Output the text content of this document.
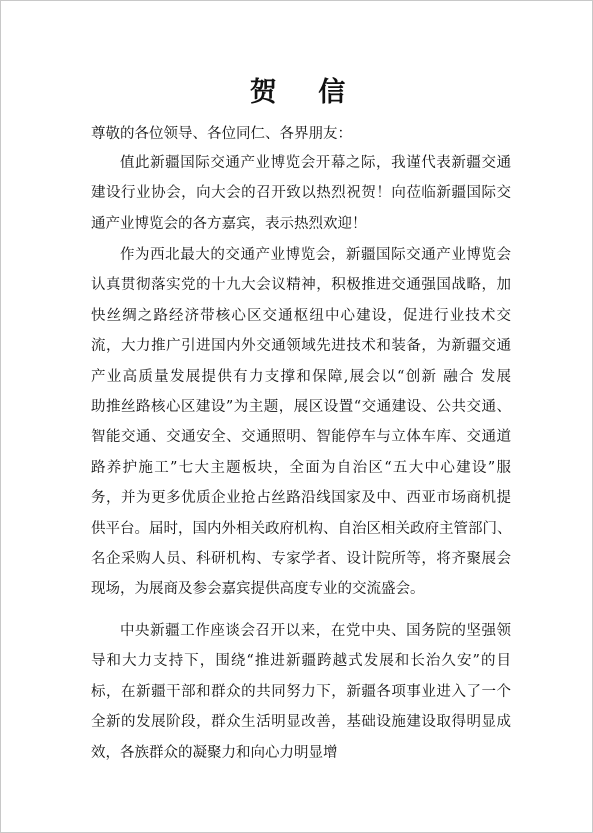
贺 信
尊敬的各位领导、各位同仁、各界朋友：
值此新疆国际交通产业博览会开幕之际，我谨代表新疆交通
建设行业协会，向大会的召开致以热烈祝贺！向莅临新疆国际交
通产业博览会的各方嘉宾，表示热烈欢迎！
作为西北最大的交通产业博览会，新疆国际交通产业博览会
认真贯彻落实党的十九大会议精神，积极推进交通强国战略，加
快丝绸之路经济带核心区交通枢纽中心建设，促进行业技术交
流，大力推广引进国内外交通领域先进技术和装备，为新疆交通
产业高质量发展提供有力支撑和保障,展会以“创新 融合 发展
助推丝路核心区建设”为主题，展区设置“交通建设、公共交通、
智能交通、交通安全、交通照明、智能停车与立体车库、交通道
路养护施工”七大主题板块，全面为自治区“五大中心建设”服
务，并为更多优质企业抢占丝路沿线国家及中、西亚市场商机提
供平台。届时，国内外相关政府机构、自治区相关政府主管部门、
名企采购人员、科研机构、专家学者、设计院所等，将齐聚展会
现场，为展商及参会嘉宾提供高度专业的交流盛会。
中央新疆工作座谈会召开以来，在党中央、国务院的坚强领
导和大力支持下，围绕“推进新疆跨越式发展和长治久安”的目
标，在新疆干部和群众的共同努力下，新疆各项事业进入了一个
全新的发展阶段，群众生活明显改善，基础设施建设取得明显成
效，各族群众的凝聚力和向心力明显增
